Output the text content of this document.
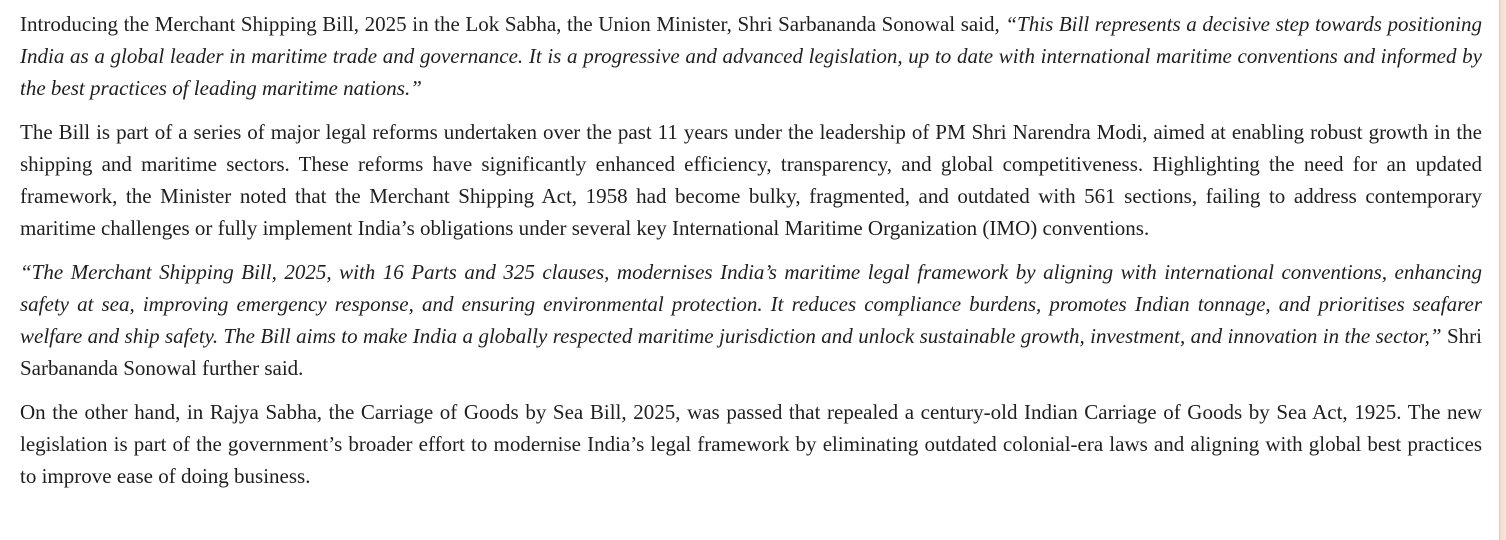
Introducing the Merchant Shipping Bill, 2025 in the Lok Sabha, the Union Minister, Shri Sarbananda Sonowal said, “This Bill represents a decisive step towards positioning India as a global leader in maritime trade and governance. It is a progressive and advanced legislation, up to date with international maritime conventions and informed by the best practices of leading maritime nations.”

The Bill is part of a series of major legal reforms undertaken over the past 11 years under the leadership of PM Shri Narendra Modi, aimed at enabling robust growth in the shipping and maritime sectors. These reforms have significantly enhanced efficiency, transparency, and global competitiveness. Highlighting the need for an updated framework, the Minister noted that the Merchant Shipping Act, 1958 had become bulky, fragmented, and outdated with 561 sections, failing to address contemporary maritime challenges or fully implement India’s obligations under several key International Maritime Organization (IMO) conventions.

“The Merchant Shipping Bill, 2025, with 16 Parts and 325 clauses, modernises India’s maritime legal framework by aligning with international conventions, enhancing safety at sea, improving emergency response, and ensuring environmental protection. It reduces compliance burdens, promotes Indian tonnage, and prioritises seafarer welfare and ship safety. The Bill aims to make India a globally respected maritime jurisdiction and unlock sustainable growth, investment, and innovation in the sector,” Shri Sarbananda Sonowal further said.

On the other hand, in Rajya Sabha, the Carriage of Goods by Sea Bill, 2025, was passed that repealed a century-old Indian Carriage of Goods by Sea Act, 1925. The new legislation is part of the government’s broader effort to modernise India’s legal framework by eliminating outdated colonial-era laws and aligning with global best practices to improve ease of doing business.
